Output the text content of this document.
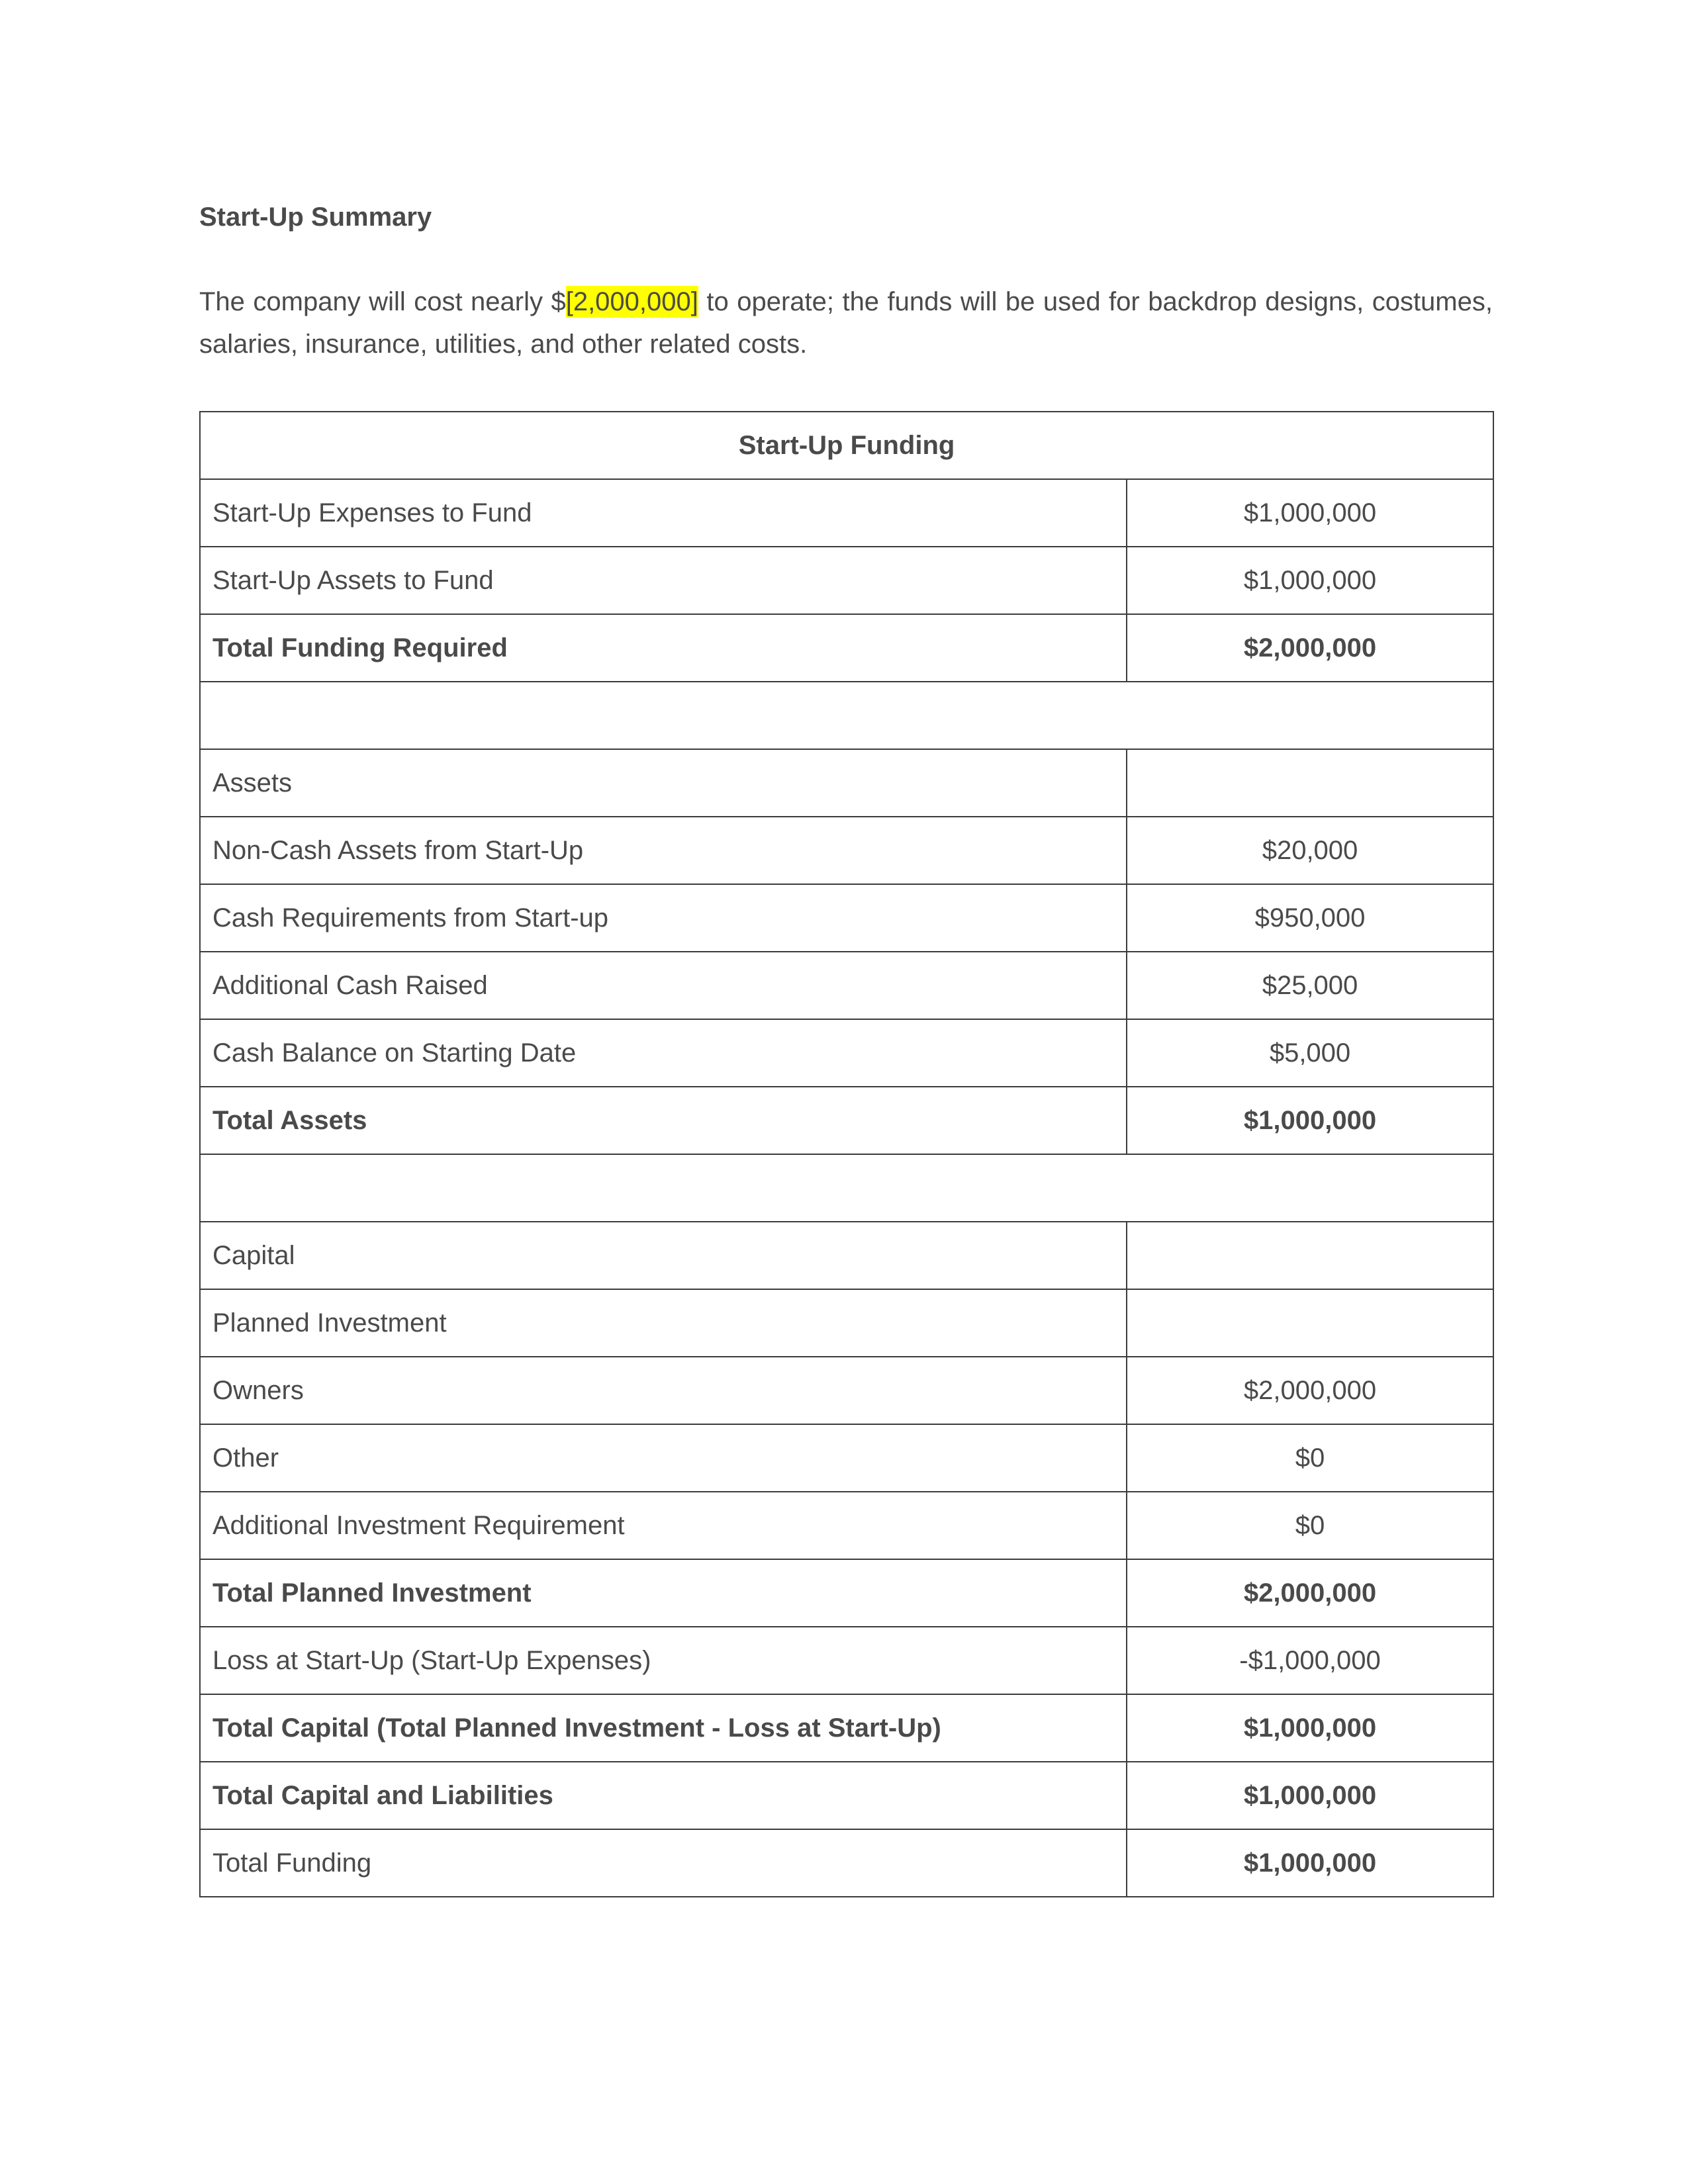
Start-Up Summary

The company will cost nearly $[2,000,000] to operate; the funds will be used for backdrop designs, costumes, salaries, insurance, utilities, and other related costs.

Start-Up Funding	
Start-Up Expenses to Fund	$1,000,000
Start-Up Assets to Fund	$1,000,000
Total Funding Required	$2,000,000

Assets	
Non-Cash Assets from Start-Up	$20,000
Cash Requirements from Start-up	$950,000
Additional Cash Raised	$25,000
Cash Balance on Starting Date	$5,000
Total Assets	$1,000,000

Capital	
Planned Investment	
Owners	$2,000,000
Other	$0
Additional Investment Requirement	$0
Total Planned Investment	$2,000,000
Loss at Start-Up (Start-Up Expenses)	-$1,000,000
Total Capital (Total Planned Investment - Loss at Start-Up)	$1,000,000
Total Capital and Liabilities	$1,000,000
Total Funding	$1,000,000
